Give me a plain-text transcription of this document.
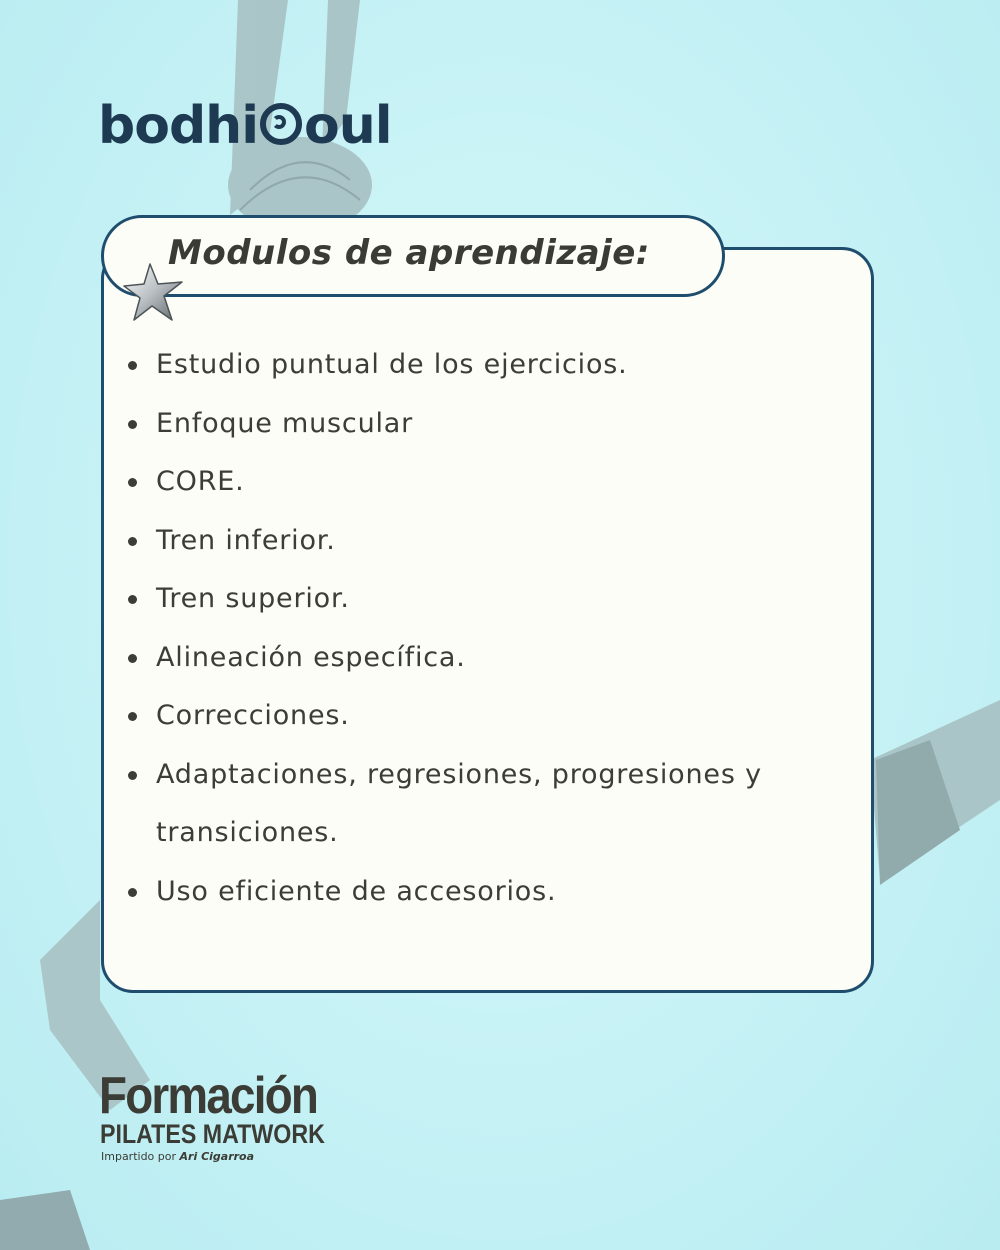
bodhi oul
Modulos de aprendizaje:
Estudio puntual de los ejercicios.
Enfoque muscular
CORE.
Tren inferior.
Tren superior.
Alineación específica.
Correcciones.
Adaptaciones, regresiones, progresiones y transiciones.
Uso eficiente de accesorios.
Formación
PILATES MATWORK
Impartido por Ari Cigarroa
